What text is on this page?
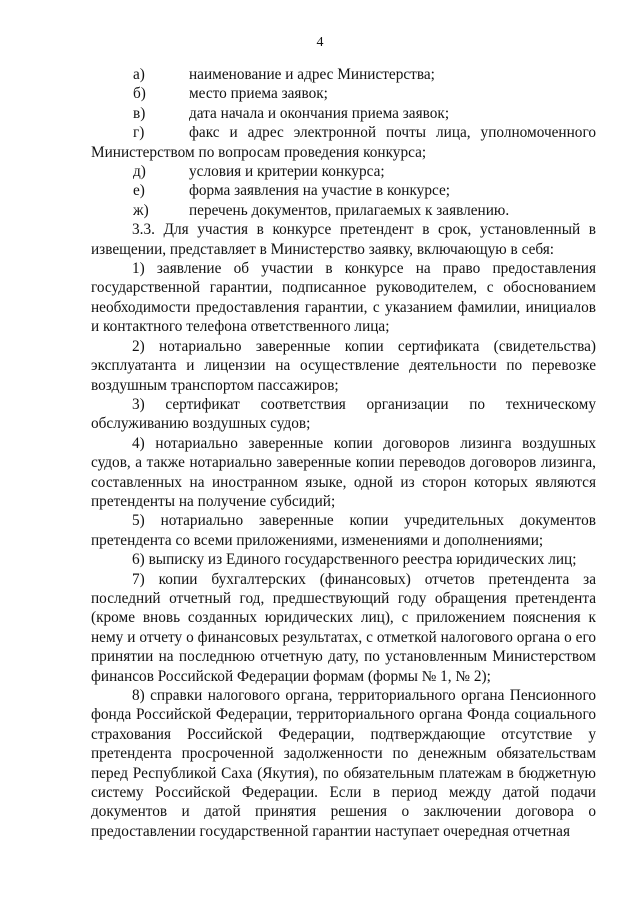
4
а)	наименование и адрес Министерства;
б)	место приема заявок;
в)	дата начала и окончания приема заявок;
г)	факс и адрес электронной почты лица, уполномоченного
Министерством по вопросам проведения конкурса;
д)	условия и критерии конкурса;
е)	форма заявления на участие в конкурсе;
ж)	перечень документов, прилагаемых к заявлению.

3.3. Для участия в конкурсе претендент в срок, установленный в извещении, представляет в Министерство заявку, включающую в себя:

1) заявление об участии в конкурсе на право предоставления государственной гарантии, подписанное руководителем, с обоснованием необходимости предоставления гарантии, с указанием фамилии, инициалов и контактного телефона ответственного лица;

2) нотариально заверенные копии сертификата (свидетельства) эксплуатанта и лицензии на осуществление деятельности по перевозке воздушным транспортом пассажиров;

3) сертификат соответствия организации по техническому обслуживанию воздушных судов;

4) нотариально заверенные копии договоров лизинга воздушных судов, а также нотариально заверенные копии переводов договоров лизинга, составленных на иностранном языке, одной из сторон которых являются претенденты на получение субсидий;

5) нотариально заверенные копии учредительных документов претендента со всеми приложениями, изменениями и дополнениями;

6) выписку из Единого государственного реестра юридических лиц;

7) копии бухгалтерских (финансовых) отчетов претендента за последний отчетный год, предшествующий году обращения претендента (кроме вновь созданных юридических лиц), с приложением пояснения к нему и отчету о финансовых результатах, с отметкой налогового органа о его принятии на последнюю отчетную дату, по установленным Министерством финансов Российской Федерации формам (формы № 1, № 2);

8) справки налогового органа, территориального органа Пенсионного фонда Российской Федерации, территориального органа Фонда социального страхования Российской Федерации, подтверждающие отсутствие у претендента просроченной задолженности по денежным обязательствам перед Республикой Саха (Якутия), по обязательным платежам в бюджетную систему Российской Федерации. Если в период между датой подачи документов и датой принятия решения о заключении договора о предоставлении государственной гарантии наступает очередная отчетная
